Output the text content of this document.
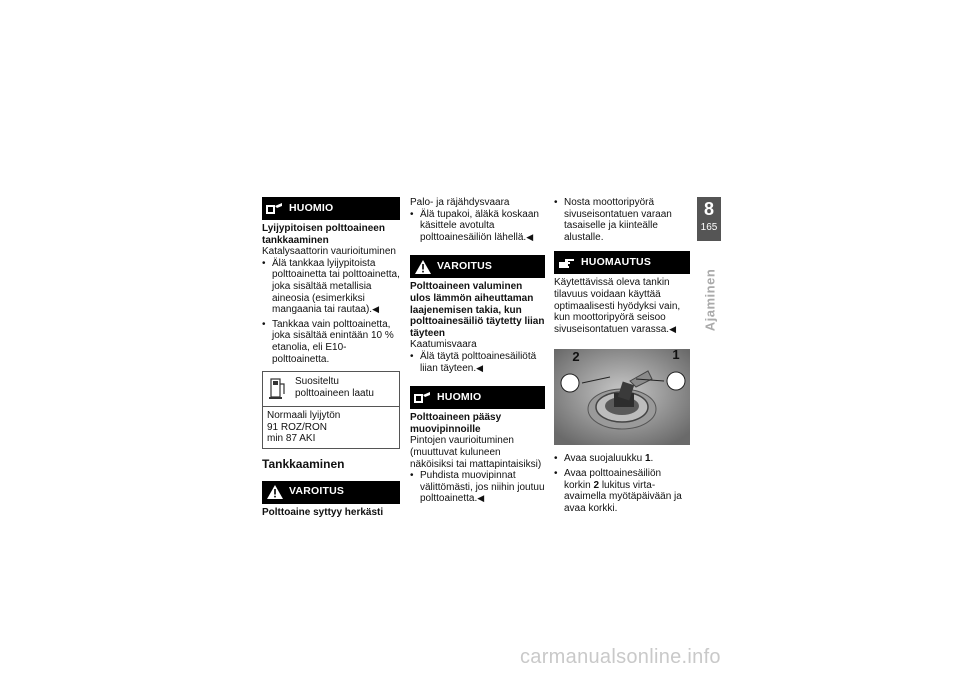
HUOMIO
Lyijypitoisen polttoaineen tankkaaminen
Katalysaattorin vaurioituminen
• Älä tankkaa lyijypitoista polttoainetta tai polttoainetta, joka sisältää metallisia aineosia (esimerkiksi mangaania tai rautaa).◀
• Tankkaa vain polttoainetta, joka sisältää enintään 10 % etanolia, eli E10-polttoainetta.
Suositeltu polttoaineen laatu
Normaali lyijytön
91 ROZ/RON
min 87 AKI
Tankkaaminen
VAROITUS
Polttoaine syttyy herkästi
Palo- ja räjähdysvaara
• Älä tupakoi, äläkä koskaan käsittele avotulta polttoainesäiliön lähellä.◀
VAROITUS
Polttoaineen valuminen ulos lämmön aiheuttaman laajenemisen takia, kun polttoainesäiliö täytetty liian täyteen
Kaatumisvaara
• Älä täytä polttoainesäiliötä liian täyteen.◀
HUOMIO
Polttoaineen pääsy muovipinnoille
Pintojen vaurioituminen (muuttuvat kuluneen näköisiksi tai mattapintaisiksi)
• Puhdista muovipinnat välittömästi, jos niihin joutuu polttoainetta.◀
• Nosta moottoripyörä sivuseisontatuen varaan tasaiselle ja kiinteälle alustalle.
HUOMAUTUS
Käytettävissä oleva tankin tilavuus voidaan käyttää optimaalisesti hyödyksi vain, kun moottoripyörä seisoo sivuseisontatuen varassa.◀
• Avaa suojaluukku 1.
• Avaa polttoainesäiliön korkin 2 lukitus virta-avaimella myötäpäivään ja avaa korkki.
2	1
8
165
Ajaminen
carmanualsonline.info
